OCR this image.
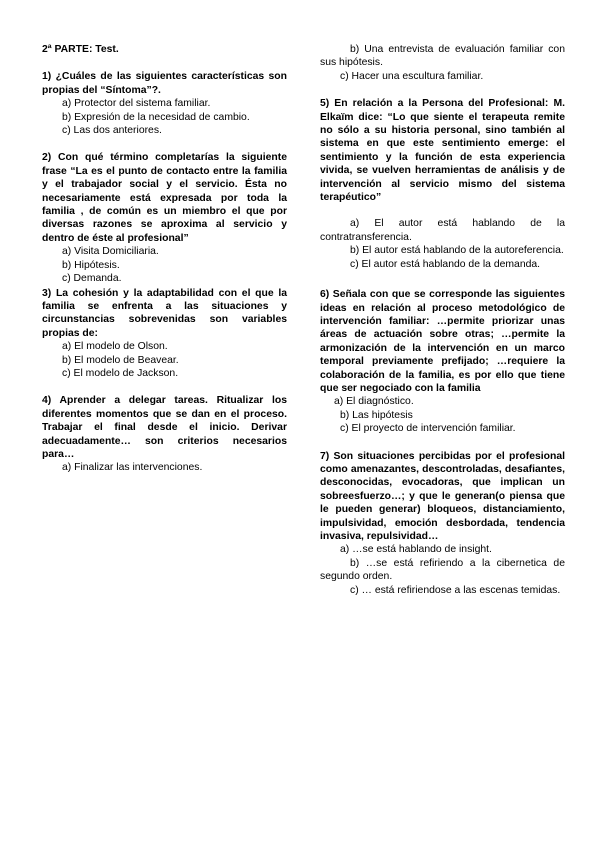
2ª PARTE: Test.
1) ¿Cuáles de las siguientes características son propias del “Síntoma”?.
a) Protector del sistema familiar.
b) Expresión de la necesidad de cambio.
c) Las dos anteriores.
2) Con qué término completarías la siguiente frase “La es el punto de contacto entre la familia y el trabajador social y el servicio. Ésta no necesariamente está expresada por toda la familia , de común es un miembro el que por diversas razones se aproxima al servicio y dentro de éste al profesional”
a) Visita Domiciliaria.
b) Hipótesis.
c) Demanda.
3) La cohesión y la adaptabilidad con el que la familia se enfrenta a las situaciones y circunstancias sobrevenidas son variables propias de:
a) El modelo de Olson.
b) El modelo de Beavear.
c) El modelo de Jackson.
4) Aprender a delegar tareas. Ritualizar los diferentes momentos que se dan en el proceso. Trabajar el final desde el inicio. Derivar adecuadamente… son criterios necesarios para…
a) Finalizar las intervenciones.
b) Una entrevista de evaluación familiar con sus hipótesis.
c) Hacer una escultura familiar.
5) En relación a la Persona del Profesional: M. Elkaïm dice: “Lo que siente el terapeuta remite no sólo a su historia personal, sino también al sistema en que este sentimiento emerge: el sentimiento y la función de esta experiencia vivida, se vuelven herramientas de análisis y de intervención al servicio mismo del sistema terapéutico”
a) El autor está hablando de la contratransferencia.
b) El autor está hablando de la autoreferencia.
c) El autor está hablando de la demanda.
6) Señala con que se corresponde las siguientes ideas en relación al proceso metodológico de intervención familiar: …permite priorizar unas áreas de actuación sobre otras; …permite la armonización de la intervención en un marco temporal previamente prefijado; …requiere la colaboración de la familia, es por ello que tiene que ser negociado con la familia
a) El diagnóstico.
b) Las hipótesis
c) El proyecto de intervención familiar.
7) Son situaciones percibidas por el profesional como amenazantes, descontroladas, desafiantes, desconocidas, evocadoras, que implican un sobreesfuerzo…; y que le generan(o piensa que le pueden generar) bloqueos, distanciamiento, impulsividad, emoción desbordada, tendencia invasiva, repulsividad…
a) …se está hablando de insight.
b) …se está refiriendo a la cibernetica de segundo orden.
c) … está refiriendose a las escenas temidas.
